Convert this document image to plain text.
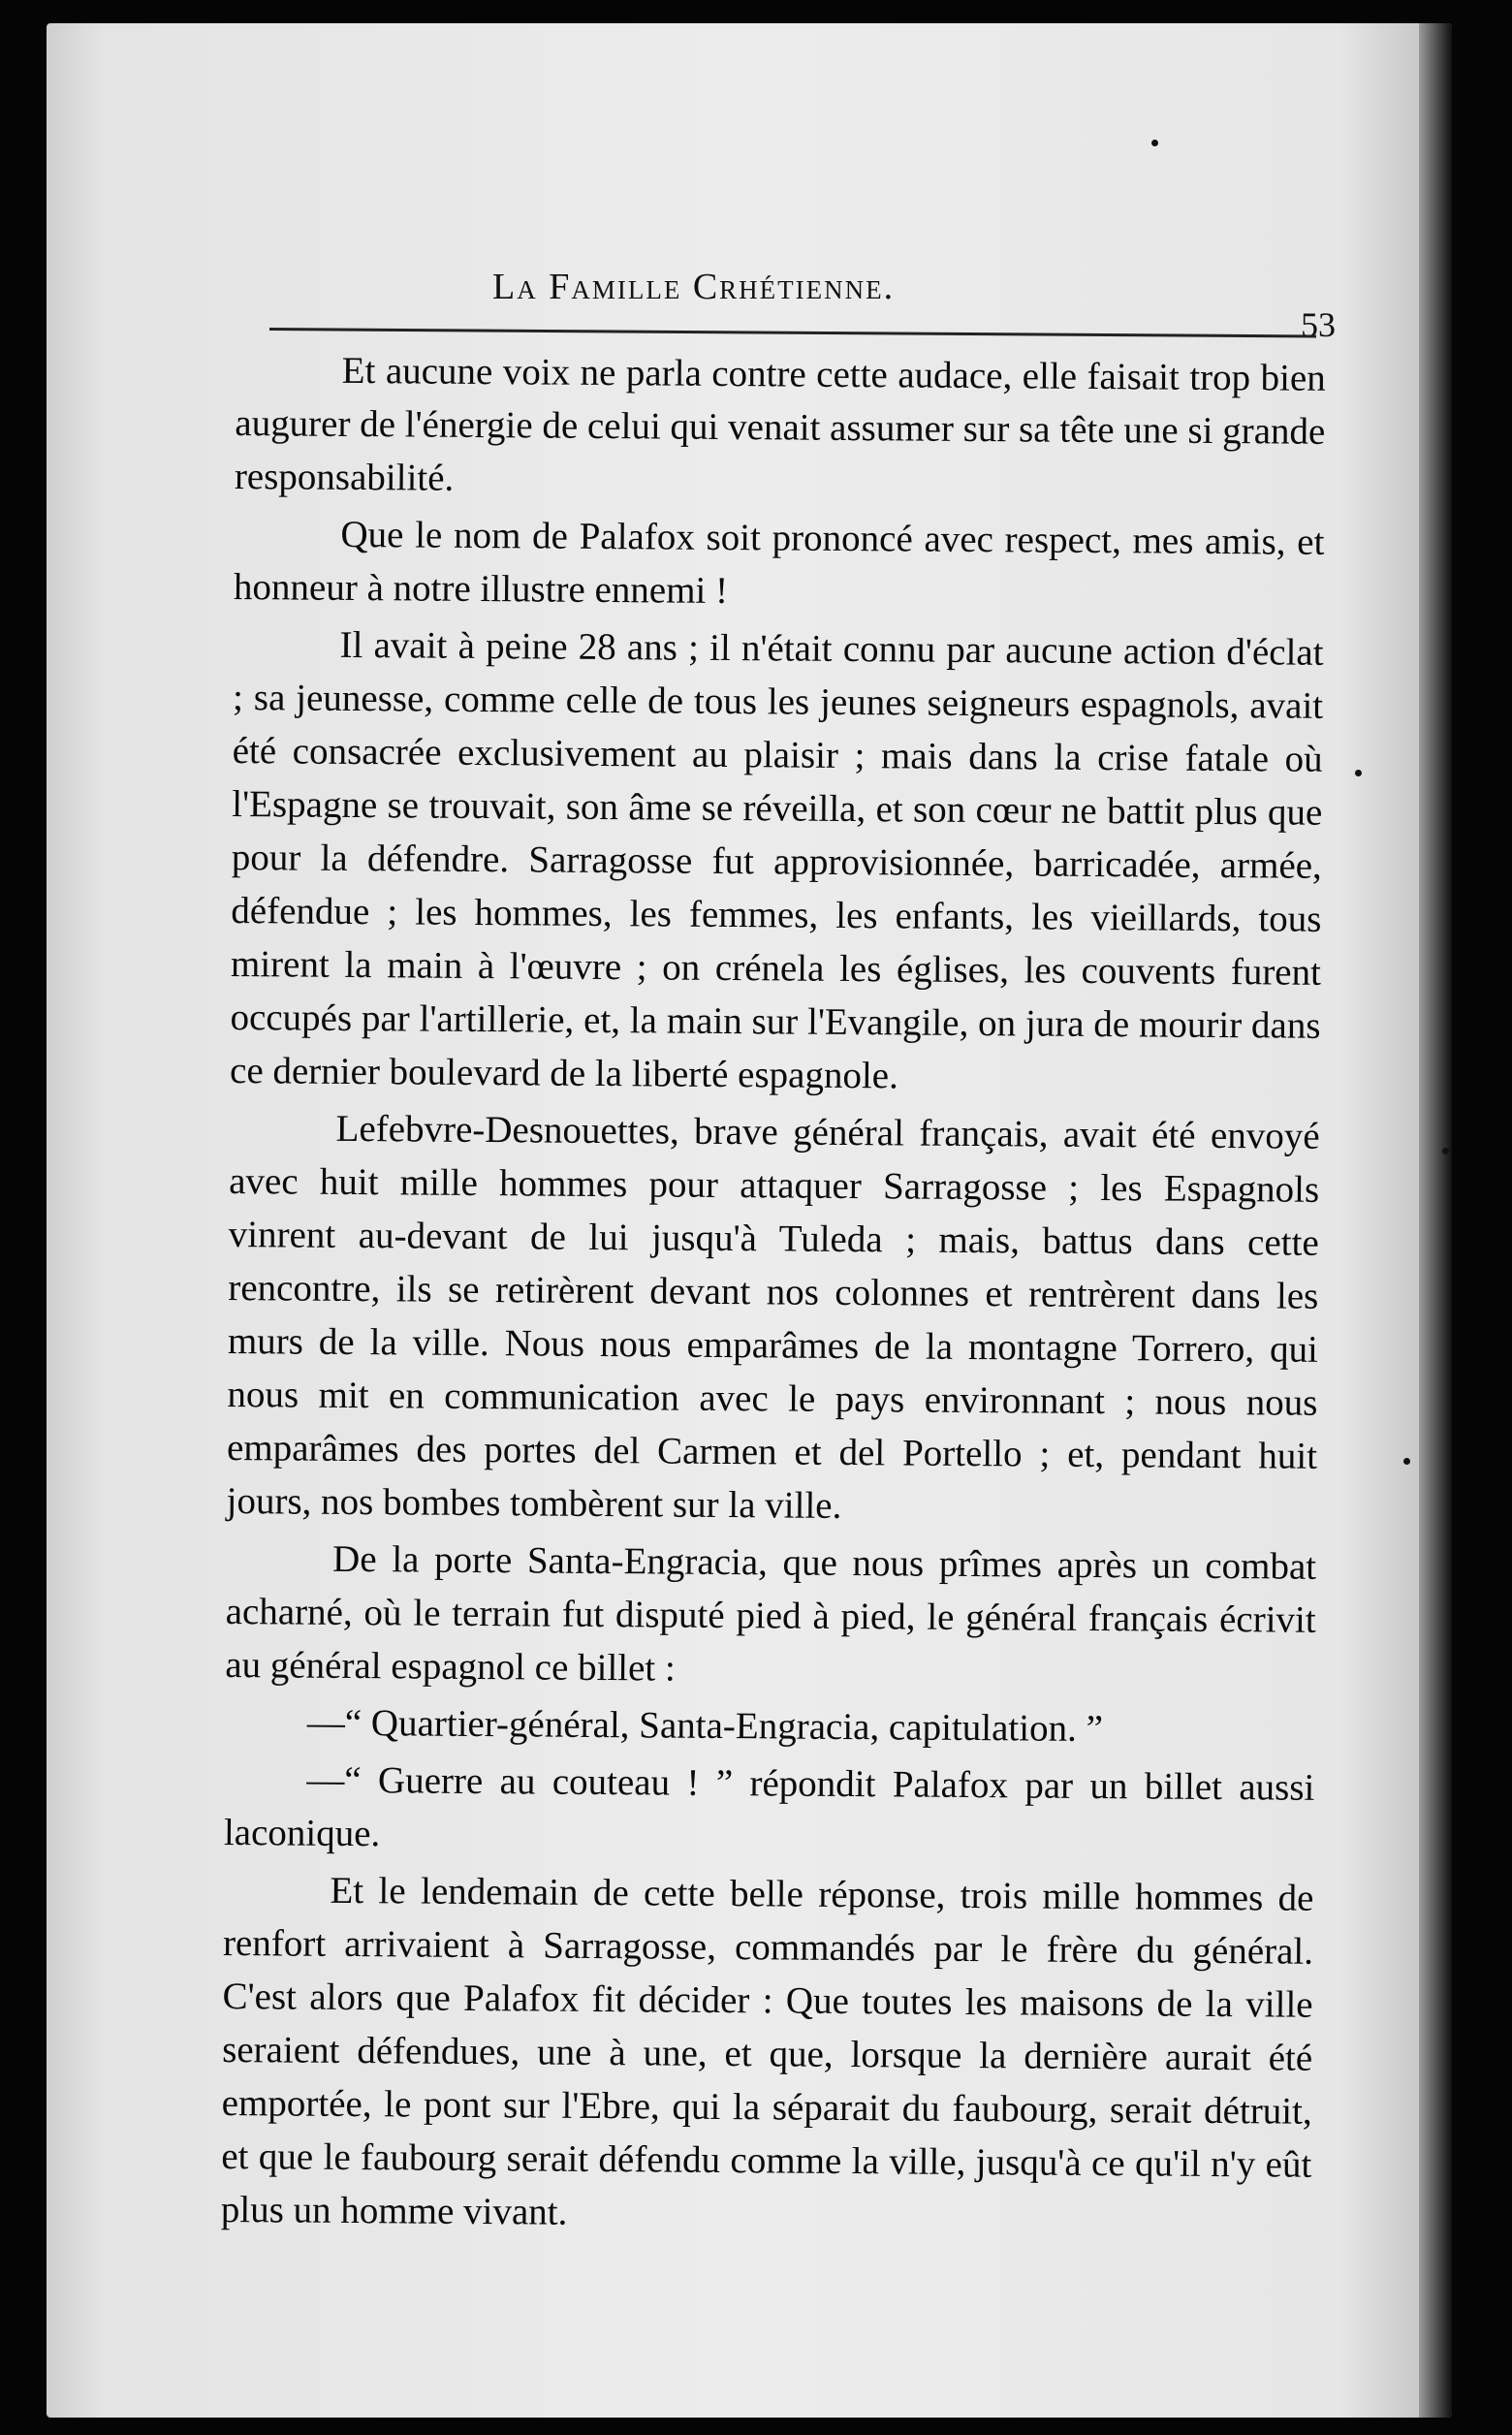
La Famille Crhétienne.
53

Et aucune voix ne parla contre cette audace, elle faisait trop bien augurer de l'énergie de celui qui venait assumer sur sa tête une si grande responsabilité.

Que le nom de Palafox soit prononcé avec respect, mes amis, et honneur à notre illustre ennemi !

Il avait à peine 28 ans ; il n'était connu par aucune action d'éclat ; sa jeunesse, comme celle de tous les jeunes seigneurs espagnols, avait été consacrée exclusivement au plaisir ; mais dans la crise fatale où l'Espagne se trouvait, son âme se réveilla, et son cœur ne battit plus que pour la défendre. Sarragosse fut approvisionnée, barricadée, armée, défendue ; les hommes, les femmes, les enfants, les vieillards, tous mirent la main à l'œuvre ; on crénela les églises, les couvents furent occupés par l'artillerie, et, la main sur l'Evangile, on jura de mourir dans ce dernier boulevard de la liberté espagnole.

Lefebvre-Desnouettes, brave général français, avait été envoyé avec huit mille hommes pour attaquer Sarragosse ; les Espagnols vinrent au-devant de lui jusqu'à Tuleda ; mais, battus dans cette rencontre, ils se retirèrent devant nos colonnes et rentrèrent dans les murs de la ville. Nous nous emparâmes de la montagne Torrero, qui nous mit en communication avec le pays environnant ; nous nous emparâmes des portes del Carmen et del Portello ; et, pendant huit jours, nos bombes tombèrent sur la ville.

De la porte Santa-Engracia, que nous prîmes après un combat acharné, où le terrain fut disputé pied à pied, le général français écrivit au général espagnol ce billet :

—“ Quartier-général, Santa-Engracia, capitulation. ”

—“ Guerre au couteau ! ” répondit Palafox par un billet aussi laconique.

Et le lendemain de cette belle réponse, trois mille hommes de renfort arrivaient à Sarragosse, commandés par le frère du général. C'est alors que Palafox fit décider : Que toutes les maisons de la ville seraient défendues, une à une, et que, lorsque la dernière aurait été emportée, le pont sur l'Ebre, qui la séparait du faubourg, serait détruit, et que le faubourg serait défendu comme la ville, jusqu'à ce qu'il n'y eût plus un homme vivant.
